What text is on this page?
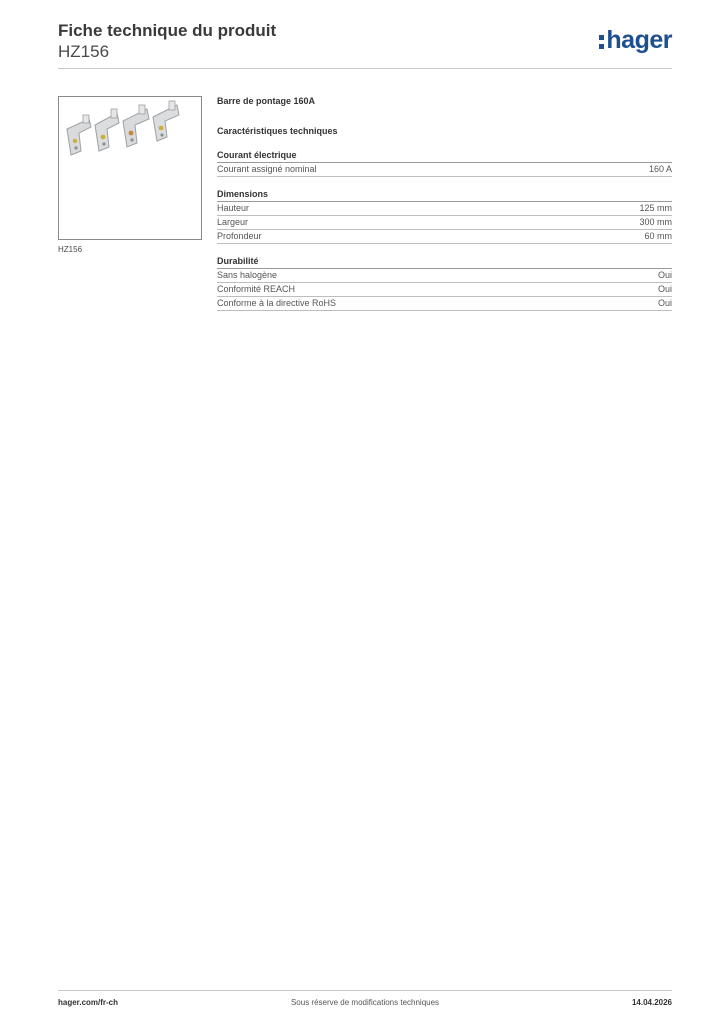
Fiche technique du produit
HZ156	hager
HZ156
Barre de pontage 160A
Caractéristiques techniques
Courant électrique
Courant assigné nominal	160 A
Dimensions
Hauteur	125 mm
Largeur	300 mm
Profondeur	60 mm
Durabilité
Sans halogène	Oui
Conformité REACH	Oui
Conforme à la directive RoHS	Oui
hager.com/fr-ch	Sous réserve de modifications techniques	14.04.2026
